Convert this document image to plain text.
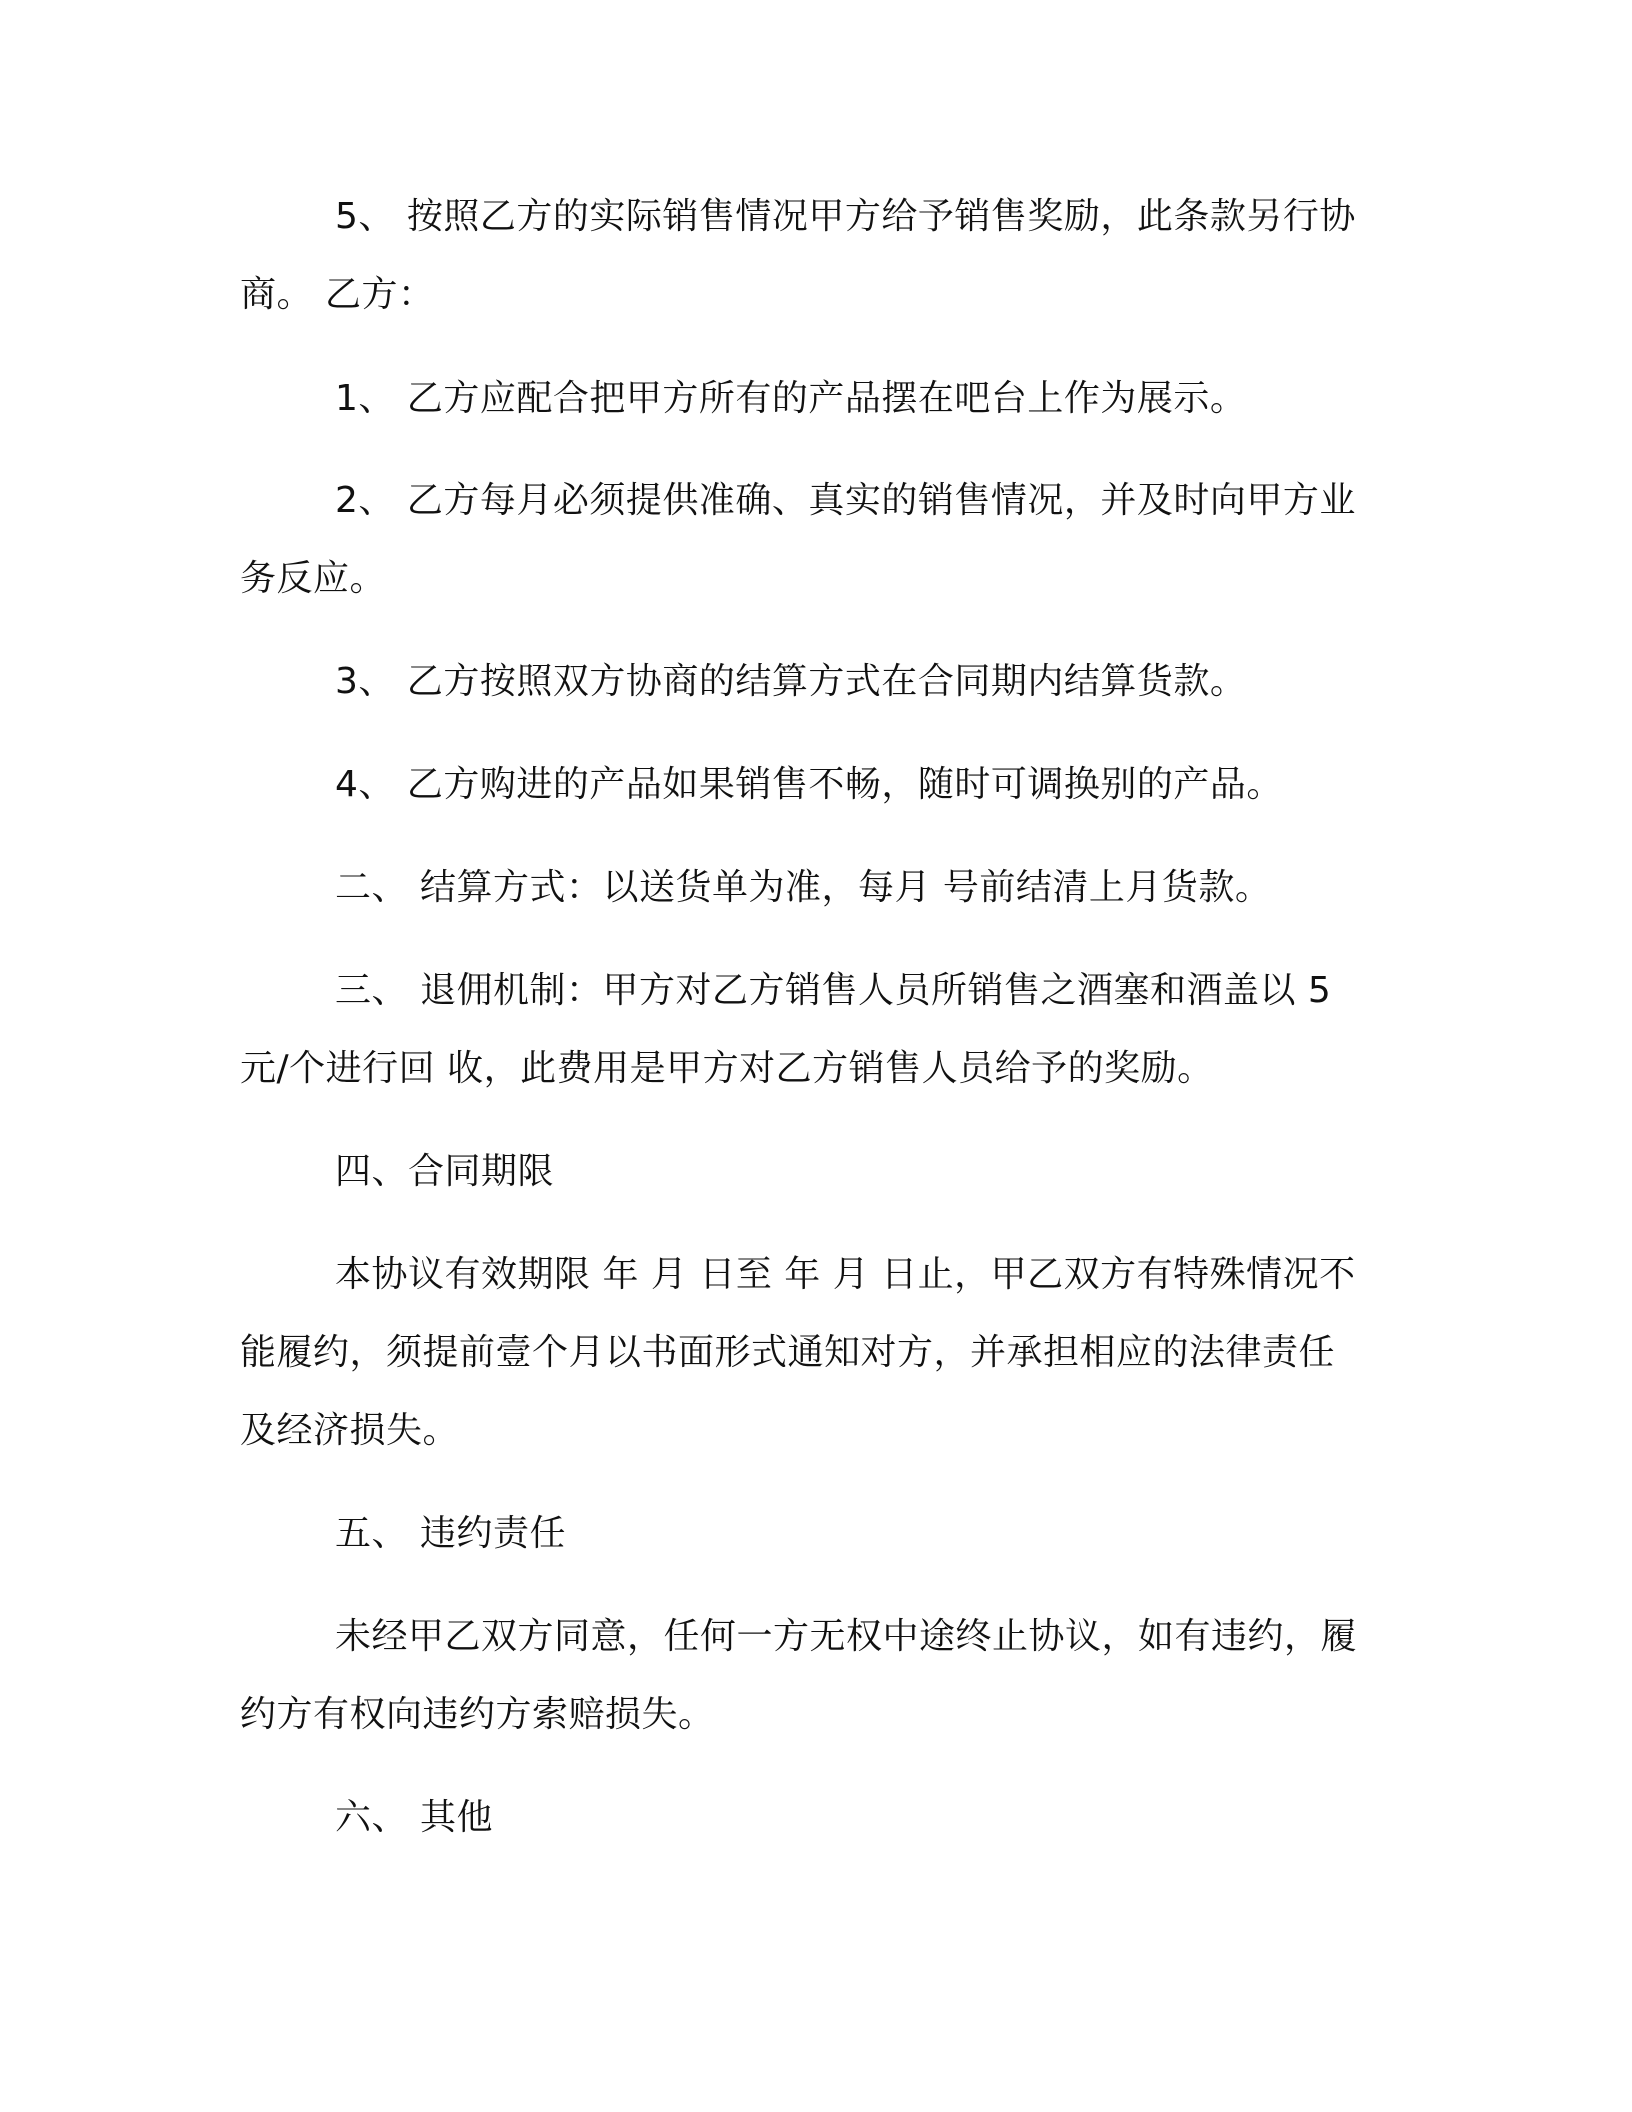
5、 按照乙方的实际销售情况甲方给予销售奖励，此条款另行协
商。 乙方：
1、 乙方应配合把甲方所有的产品摆在吧台上作为展示。
2、 乙方每月必须提供准确、真实的销售情况，并及时向甲方业
务反应。
3、 乙方按照双方协商的结算方式在合同期内结算货款。
4、 乙方购进的产品如果销售不畅，随时可调换别的产品。
二、 结算方式：以送货单为准，每月 号前结清上月货款。
三、 退佣机制：甲方对乙方销售人员所销售之酒塞和酒盖以 5
元/个进行回 收，此费用是甲方对乙方销售人员给予的奖励。
四、合同期限
本协议有效期限 年 月 日至 年 月 日止，甲乙双方有特殊情况不
能履约，须提前壹个月以书面形式通知对方，并承担相应的法律责任
及经济损失。
五、 违约责任
未经甲乙双方同意，任何一方无权中途终止协议，如有违约，履
约方有权向违约方索赔损失。
六、 其他
